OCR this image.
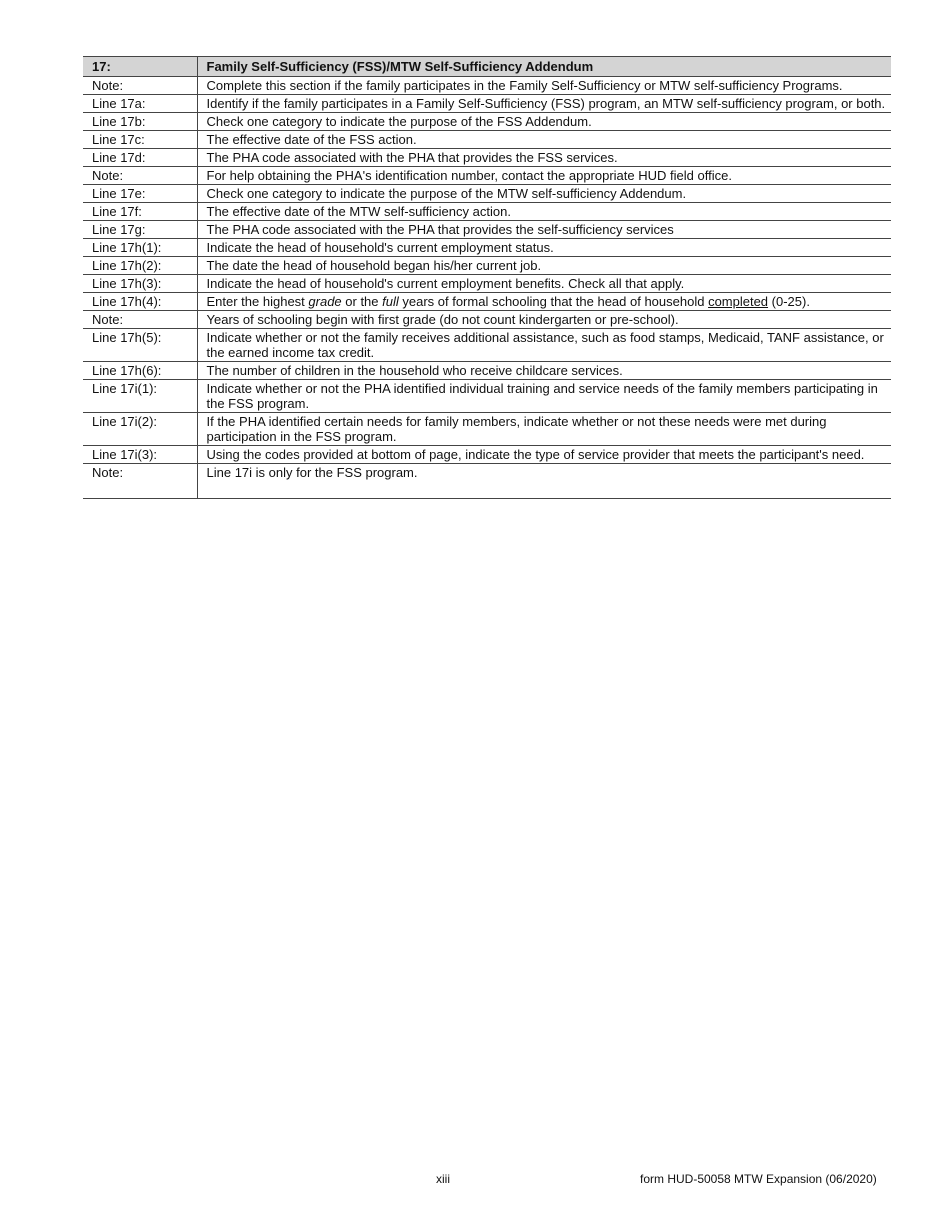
17:	Family Self-Sufficiency (FSS)/MTW Self-Sufficiency Addendum
Note:	Complete this section if the family participates in the Family Self-Sufficiency or MTW self-sufficiency Programs.
Line 17a:	Identify if the family participates in a Family Self-Sufficiency (FSS) program, an MTW self-sufficiency program, or both.
Line 17b:	Check one category to indicate the purpose of the FSS Addendum.
Line 17c:	The effective date of the FSS action.
Line 17d:	The PHA code associated with the PHA that provides the FSS services.
Note:	For help obtaining the PHA's identification number, contact the appropriate HUD field office.
Line 17e:	Check one category to indicate the purpose of the MTW self-sufficiency Addendum.
Line 17f:	The effective date of the MTW self-sufficiency action.
Line 17g:	The PHA code associated with the PHA that provides the self-sufficiency services
Line 17h(1):	Indicate the head of household's current employment status.
Line 17h(2):	The date the head of household began his/her current job.
Line 17h(3):	Indicate the head of household's current employment benefits. Check all that apply.
Line 17h(4):	Enter the highest grade or the full years of formal schooling that the head of household completed (0-25).
Note:	Years of schooling begin with first grade (do not count kindergarten or pre-school).
Line 17h(5):	Indicate whether or not the family receives additional assistance, such as food stamps, Medicaid, TANF assistance, or the earned income tax credit.
Line 17h(6):	The number of children in the household who receive childcare services.
Line 17i(1):	Indicate whether or not the PHA identified individual training and service needs of the family members participating in the FSS program.
Line 17i(2):	If the PHA identified certain needs for family members, indicate whether or not these needs were met during participation in the FSS program.
Line 17i(3):	Using the codes provided at bottom of page, indicate the type of service provider that meets the participant's need.
Note:	Line 17i is only for the FSS program.
xiii	form HUD-50058 MTW Expansion (06/2020)
